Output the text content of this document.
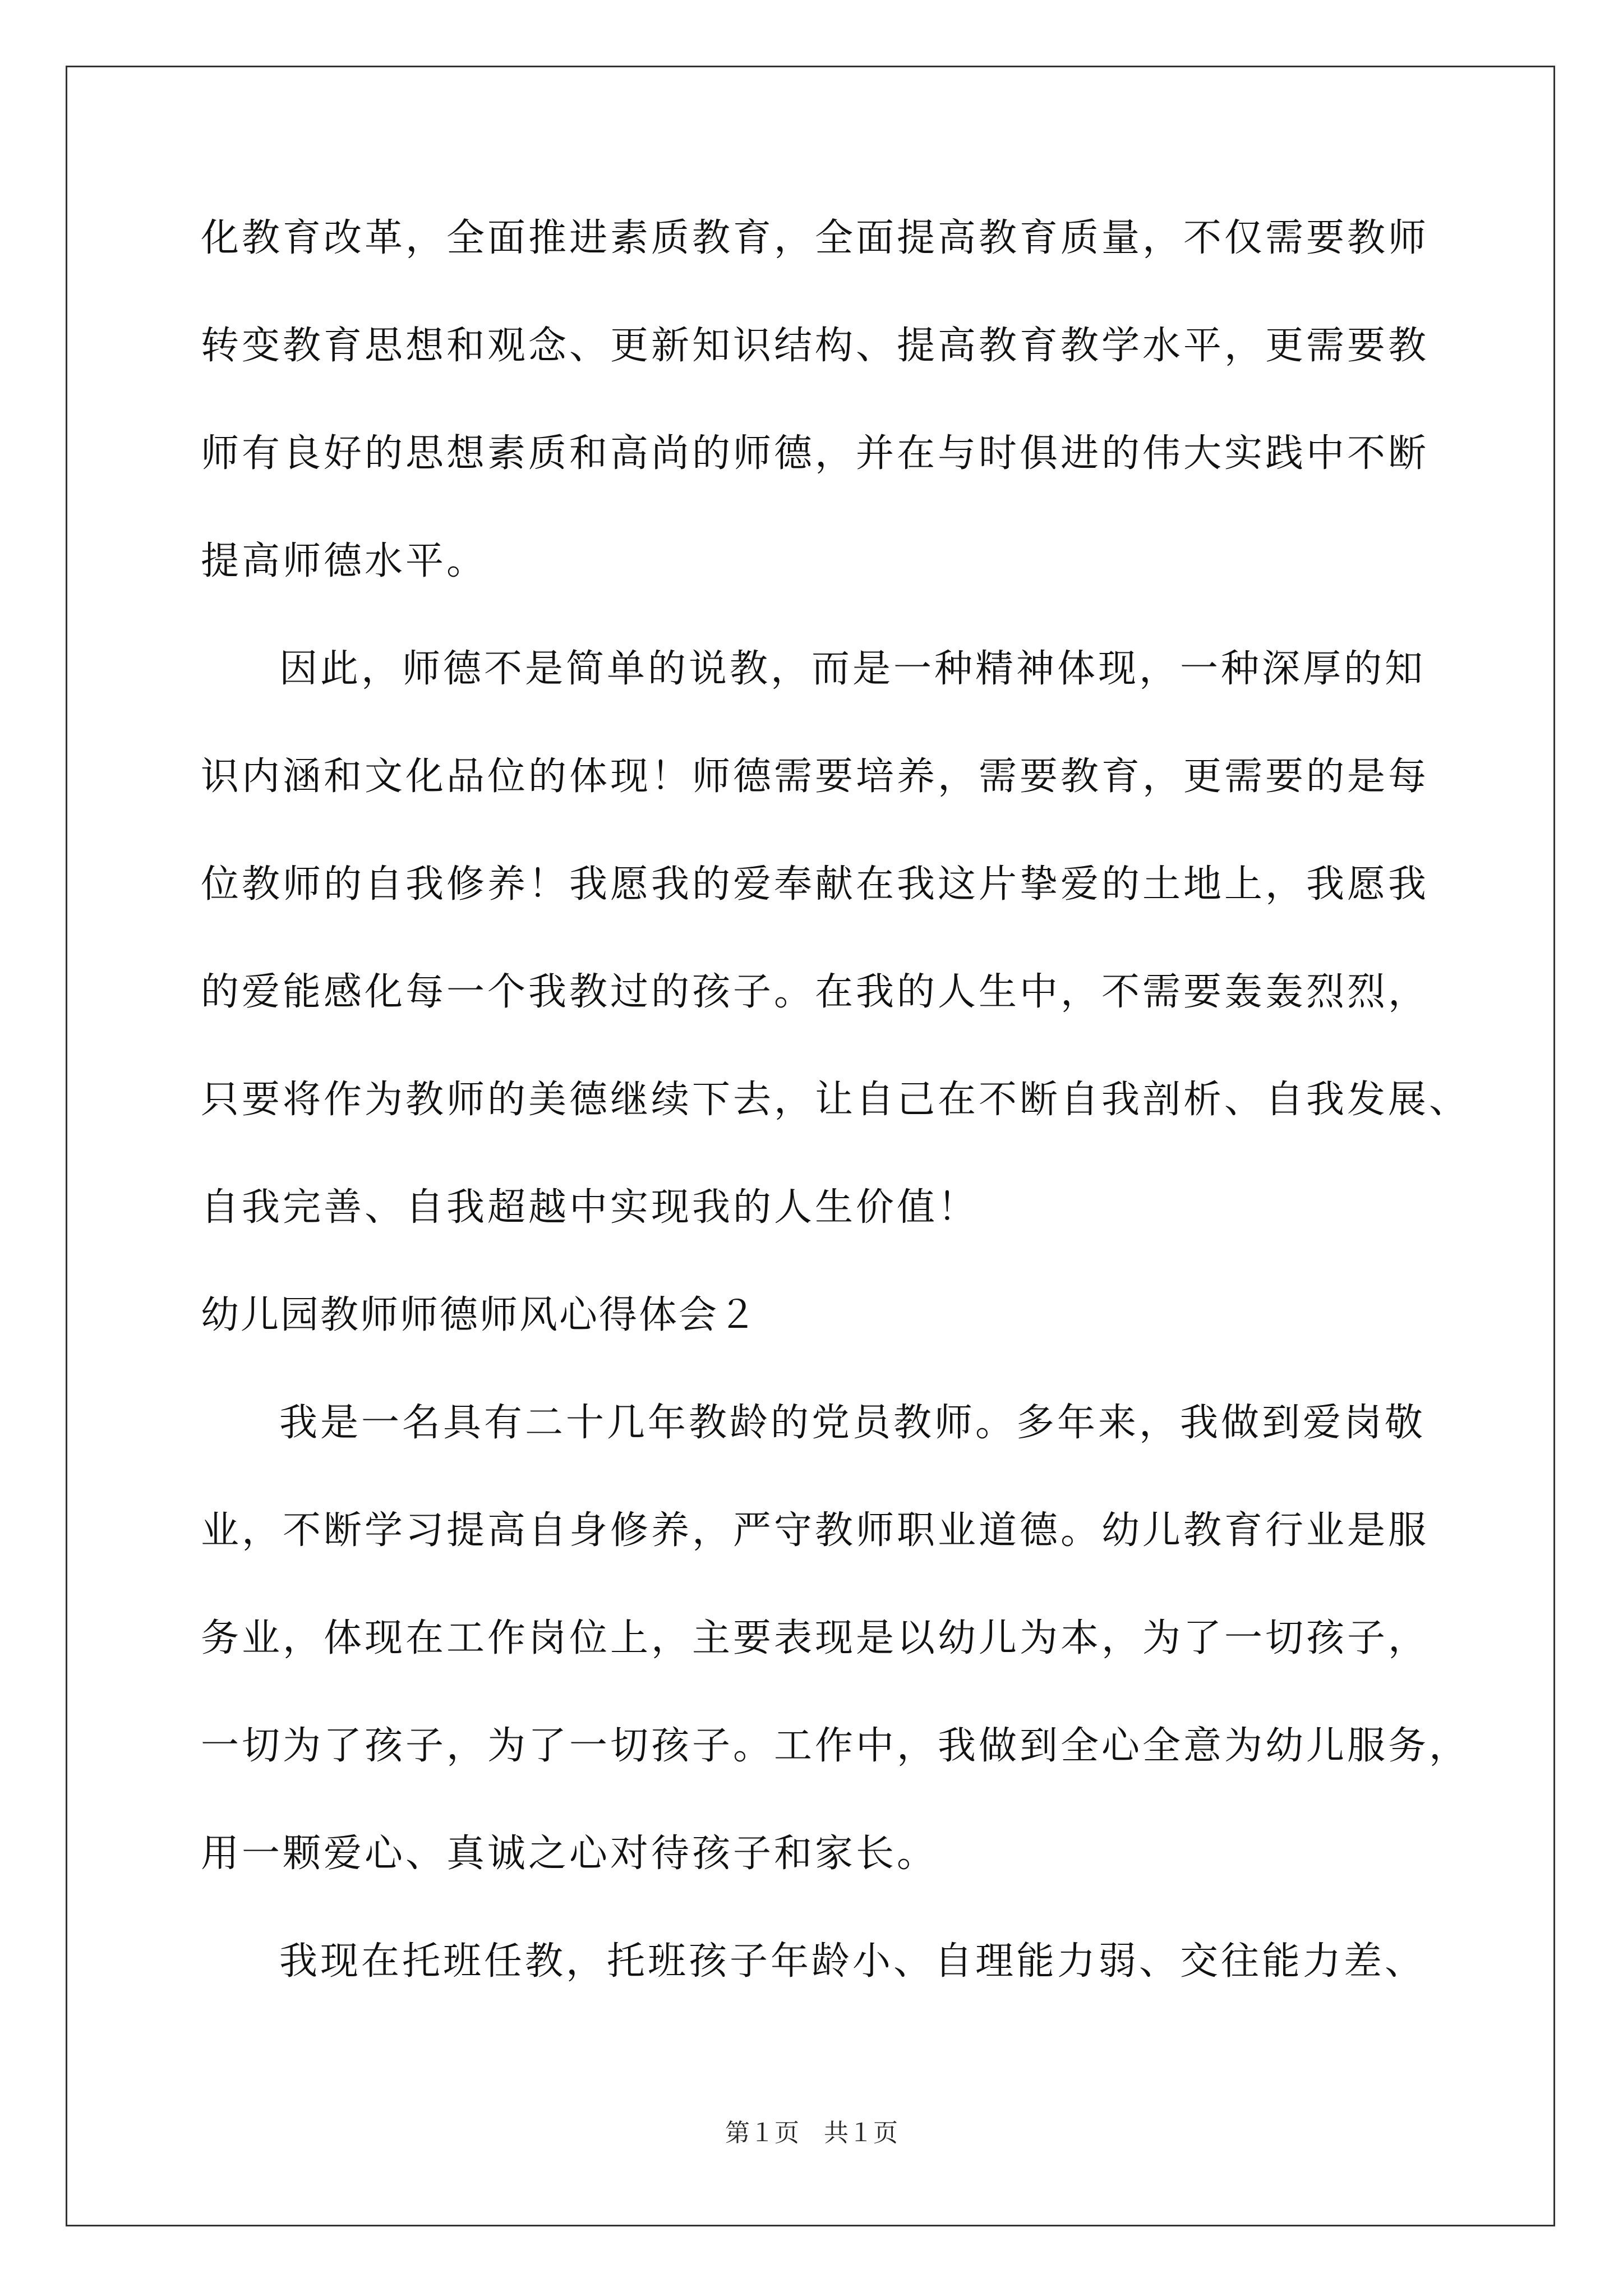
化教育改革，全面推进素质教育，全面提高教育质量，不仅需要教师
转变教育思想和观念、更新知识结构、提高教育教学水平，更需要教
师有良好的思想素质和高尚的师德，并在与时俱进的伟大实践中不断
提高师德水平。
因此，师德不是简单的说教，而是一种精神体现，一种深厚的知
识内涵和文化品位的体现！师德需要培养，需要教育，更需要的是每
位教师的自我修养！我愿我的爱奉献在我这片挚爱的土地上，我愿我
的爱能感化每一个我教过的孩子。在我的人生中，不需要轰轰烈烈，
只要将作为教师的美德继续下去，让自己在不断自我剖析、自我发展、
自我完善、自我超越中实现我的人生价值！
幼儿园教师师德师风心得体会２
我是一名具有二十几年教龄的党员教师。多年来，我做到爱岗敬
业，不断学习提高自身修养，严守教师职业道德。幼儿教育行业是服
务业，体现在工作岗位上，主要表现是以幼儿为本，为了一切孩子，
一切为了孩子，为了一切孩子。工作中，我做到全心全意为幼儿服务，
用一颗爱心、真诚之心对待孩子和家长。
我现在托班任教，托班孩子年龄小、自理能力弱、交往能力差、
第１页　共１页
